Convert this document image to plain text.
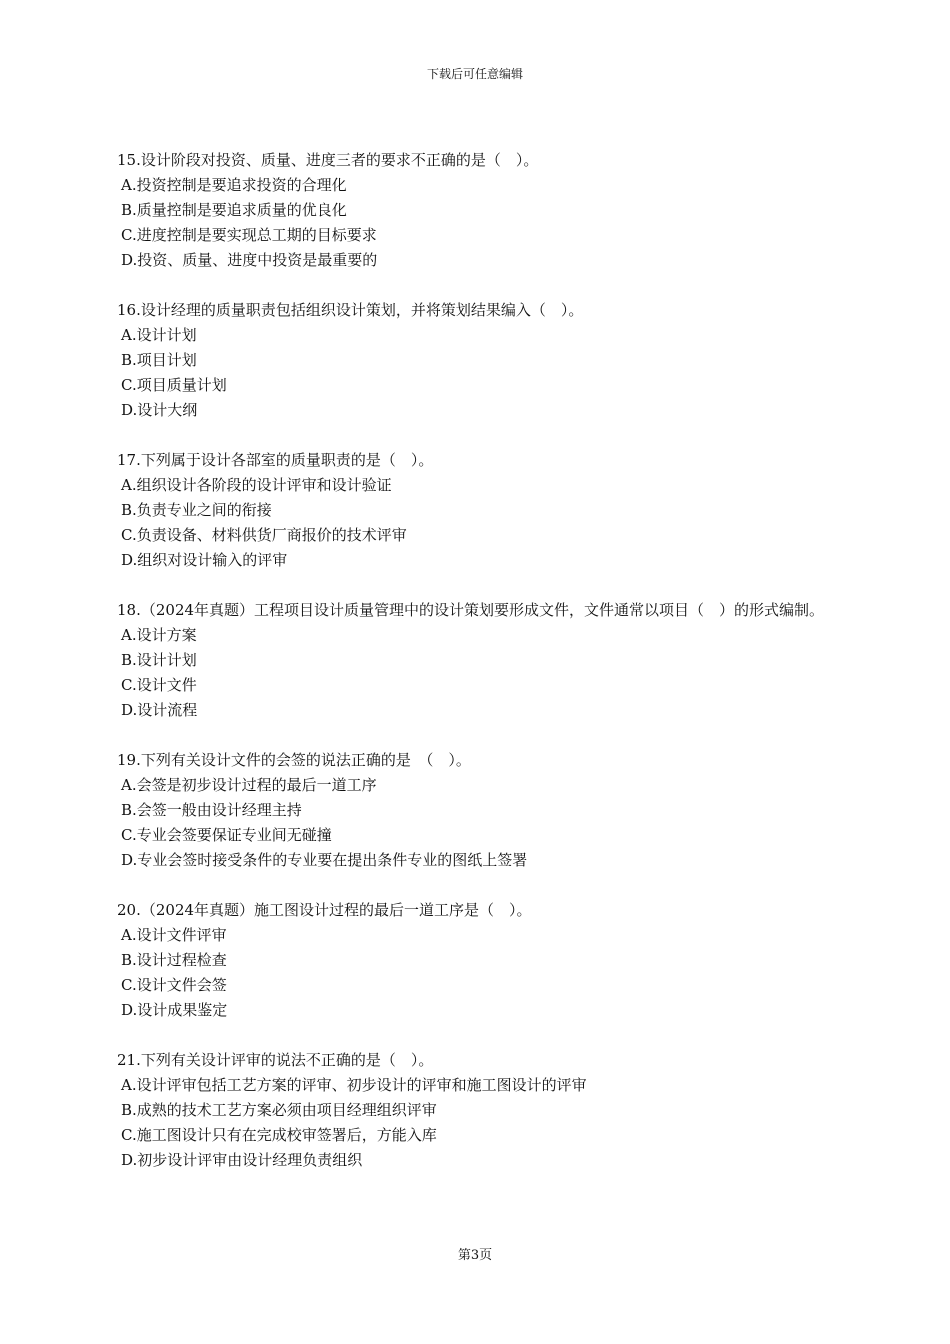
下载后可任意编辑

15.设计阶段对投资、质量、进度三者的要求不正确的是（　）。

A.投资控制是要追求投资的合理化

B.质量控制是要追求质量的优良化

C.进度控制是要实现总工期的目标要求

D.投资、质量、进度中投资是最重要的

16.设计经理的质量职责包括组织设计策划，并将策划结果编入（　）。

A.设计计划

B.项目计划

C.项目质量计划

D.设计大纲

17.下列属于设计各部室的质量职责的是（　）。

A.组织设计各阶段的设计评审和设计验证

B.负责专业之间的衔接

C.负责设备、材料供货厂商报价的技术评审

D.组织对设计输入的评审

18.（2024年真题）工程项目设计质量管理中的设计策划要形成文件，文件通常以项目（　）的形式编制。

A.设计方案

B.设计计划

C.设计文件

D.设计流程

19.下列有关设计文件的会签的说法正确的是　（　）。

A.会签是初步设计过程的最后一道工序

B.会签一般由设计经理主持

C.专业会签要保证专业间无碰撞

D.专业会签时接受条件的专业要在提出条件专业的图纸上签署

20.（2024年真题）施工图设计过程的最后一道工序是（　）。

A.设计文件评审

B.设计过程检查

C.设计文件会签

D.设计成果鉴定

21.下列有关设计评审的说法不正确的是（　）。

A.设计评审包括工艺方案的评审、初步设计的评审和施工图设计的评审

B.成熟的技术工艺方案必须由项目经理组织评审

C.施工图设计只有在完成校审签署后，方能入库

D.初步设计评审由设计经理负责组织

第3页
